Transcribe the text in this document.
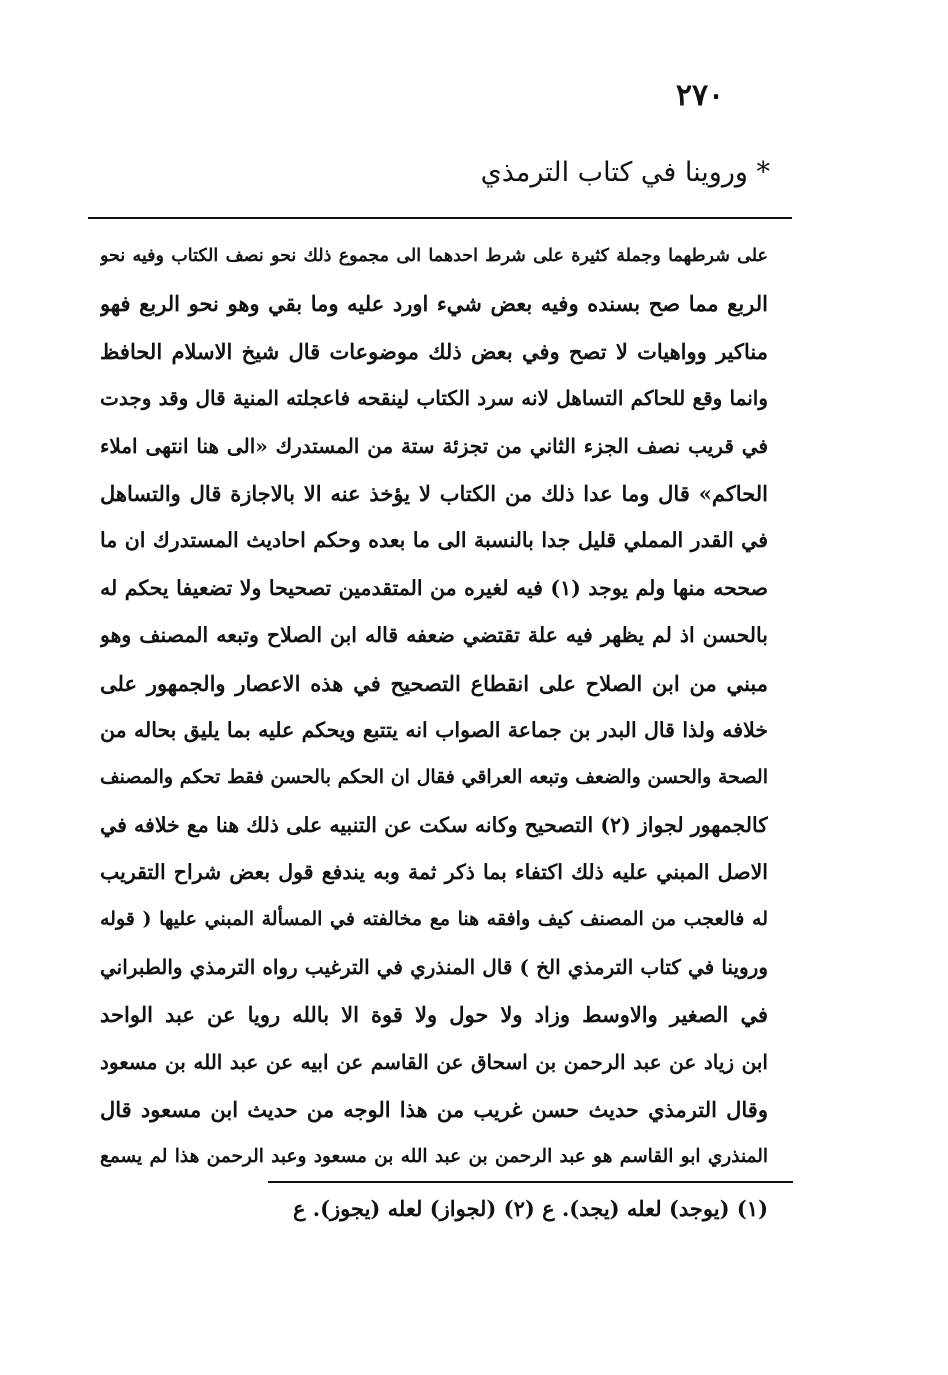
٢٧٠
* وروينا في كتاب الترمذي
على شرطهما وجملة كثيرة على شرط احدهما الى مجموع ذلك نحو نصف الكتاب وفيه نحو
الربع مما صح بسنده وفيه بعض شيء اورد عليه وما بقي وهو نحو الربع فهو
مناكير وواهيات لا تصح وفي بعض ذلك موضوعات قال شيخ الاسلام الحافظ
وانما وقع للحاكم التساهل لانه سرد الكتاب لينقحه فاعجلته المنية قال وقد وجدت
في قريب نصف الجزء الثاني من تجزئة ستة من المستدرك «الى هنا انتهى املاء
الحاكم» قال وما عدا ذلك من الكتاب لا يؤخذ عنه الا بالاجازة قال والتساهل
في القدر المملي قليل جدا بالنسبة الى ما بعده وحكم احاديث المستدرك ان ما
صححه منها ولم يوجد (١) فيه لغيره من المتقدمين تصحيحا ولا تضعيفا يحكم له
بالحسن اذ لم يظهر فيه علة تقتضي ضعفه قاله ابن الصلاح وتبعه المصنف وهو
مبني من ابن الصلاح على انقطاع التصحيح في هذه الاعصار والجمهور على
خلافه ولذا قال البدر بن جماعة الصواب انه يتتبع ويحكم عليه بما يليق بحاله من
الصحة والحسن والضعف وتبعه العراقي فقال ان الحكم بالحسن فقط تحكم والمصنف
كالجمهور لجواز (٢) التصحيح وكانه سكت عن التنبيه على ذلك هنا مع خلافه في
الاصل المبني عليه ذلك اكتفاء بما ذكر ثمة وبه يندفع قول بعض شراح التقريب
له فالعجب من المصنف كيف وافقه هنا مع مخالفته في المسألة المبني عليها ( قوله
وروينا في كتاب الترمذي الخ ) قال المنذري في الترغيب رواه الترمذي والطبراني
في الصغير والاوسط وزاد ولا حول ولا قوة الا بالله رويا عن عبد الواحد
ابن زياد عن عبد الرحمن بن اسحاق عن القاسم عن ابيه عن عبد الله بن مسعود
وقال الترمذي حديث حسن غريب من هذا الوجه من حديث ابن مسعود قال
المنذري ابو القاسم هو عبد الرحمن بن عبد الله بن مسعود وعبد الرحمن هذا لم يسمع
(١) (يوجد) لعله (يجد). ع (٢) (لجواز) لعله (يجوز). ع
